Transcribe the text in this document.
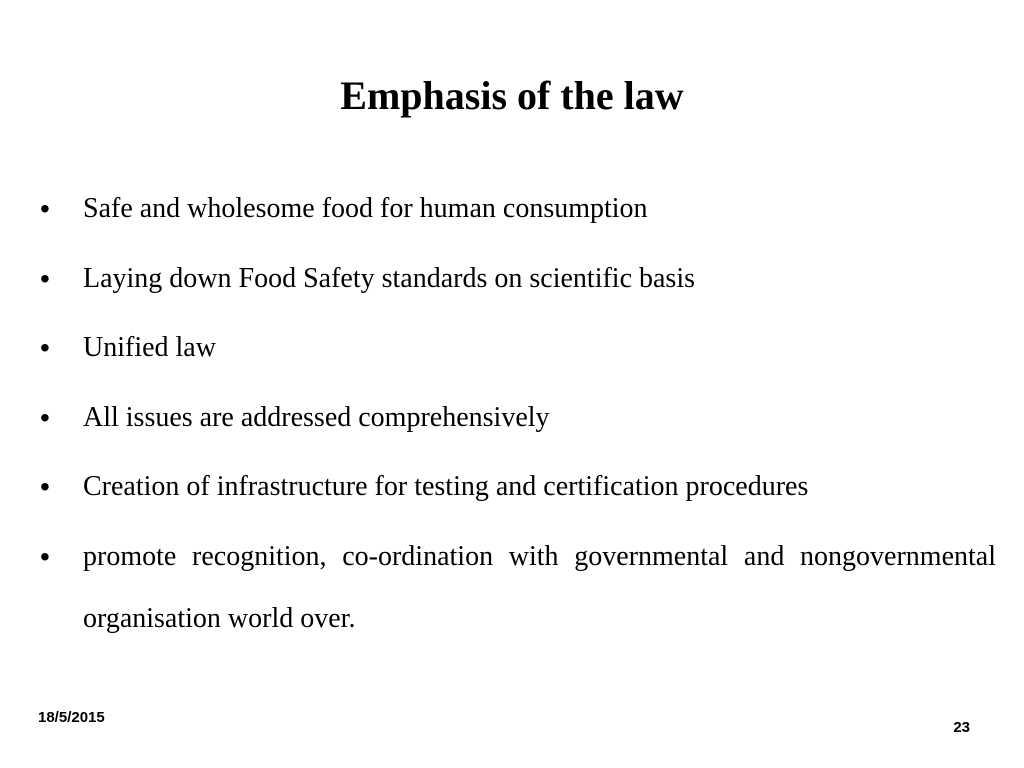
Emphasis of the law
•	Safe and wholesome food for human consumption
•	Laying down Food Safety standards on scientific basis
•	Unified law
•	All issues are addressed comprehensively
•	Creation of infrastructure for testing and certification procedures
•	promote recognition, co-ordination with governmental and nongovernmental organisation world over.
18/5/2015
23
